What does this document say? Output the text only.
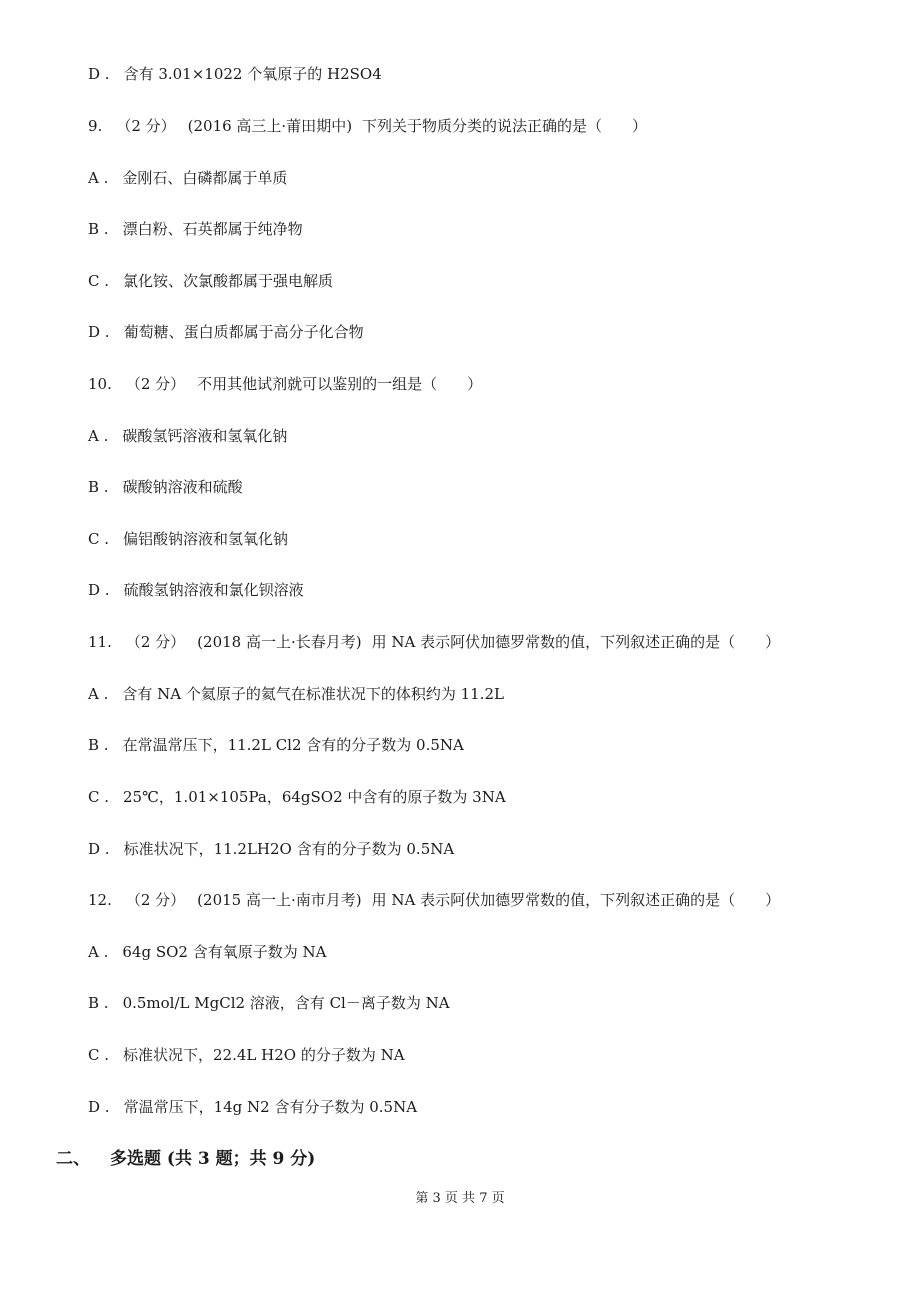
D . 含有 3.01×1022 个氧原子的 H2SO4
9. （2 分） (2016 高三上·莆田期中) 下列关于物质分类的说法正确的是（　　）
A . 金刚石、白磷都属于单质
B . 漂白粉、石英都属于纯净物
C . 氯化铵、次氯酸都属于强电解质
D . 葡萄糖、蛋白质都属于高分子化合物
10. （2 分） 不用其他试剂就可以鉴别的一组是（　　）
A . 碳酸氢钙溶液和氢氧化钠
B . 碳酸钠溶液和硫酸
C . 偏铝酸钠溶液和氢氧化钠
D . 硫酸氢钠溶液和氯化钡溶液
11. （2 分） (2018 高一上·长春月考) 用 NA 表示阿伏加德罗常数的值，下列叙述正确的是（　　）
A . 含有 NA 个氦原子的氦气在标准状况下的体积约为 11.2L
B . 在常温常压下，11.2L Cl2 含有的分子数为 0.5NA
C . 25℃，1.01×105Pa，64gSO2 中含有的原子数为 3NA
D . 标准状况下，11.2LH2O 含有的分子数为 0.5NA
12. （2 分） (2015 高一上·南市月考) 用 NA 表示阿伏加德罗常数的值，下列叙述正确的是（　　）
A . 64g SO2 含有氧原子数为 NA
B . 0.5mol/L MgCl2 溶液，含有 Cl－离子数为 NA
C . 标准状况下，22.4L H2O 的分子数为 NA
D . 常温常压下，14g N2 含有分子数为 0.5NA
二、 多选题 (共 3 题；共 9 分)
第 3 页 共 7 页
